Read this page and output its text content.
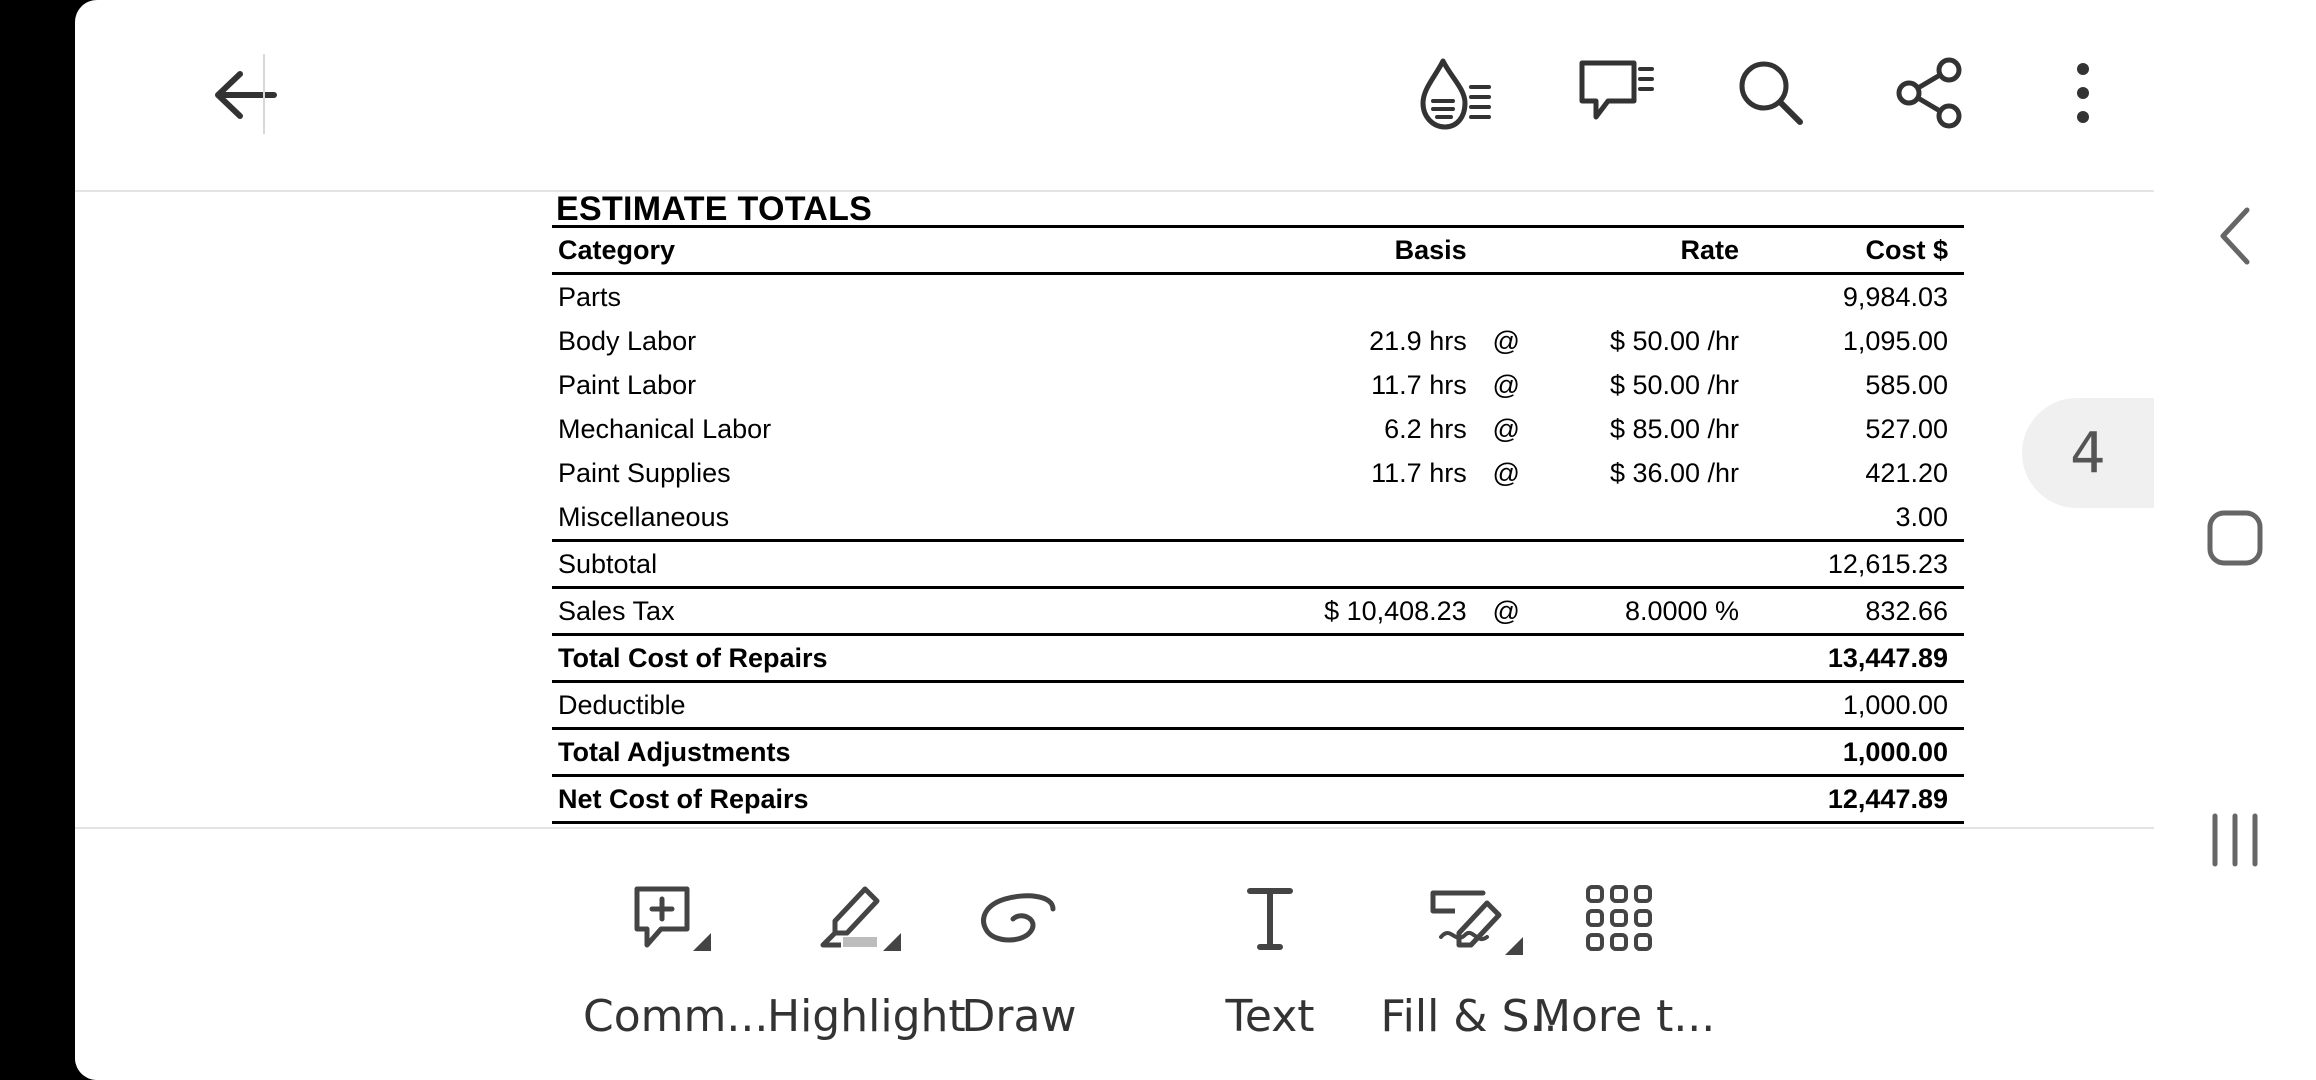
ESTIMATE TOTALS
Category	Basis		Rate	Cost $
Parts				9,984.03
Body Labor	21.9 hrs	@	$ 50.00 /hr	1,095.00
Paint Labor	11.7 hrs	@	$ 50.00 /hr	585.00
Mechanical Labor	6.2 hrs	@	$ 85.00 /hr	527.00
Paint Supplies	11.7 hrs	@	$ 36.00 /hr	421.20
Miscellaneous				3.00
Subtotal				12,615.23
Sales Tax	$ 10,408.23	@	8.0000 %	832.66
Total Cost of Repairs				13,447.89
Deductible				1,000.00
Total Adjustments				1,000.00
Net Cost of Repairs				12,447.89
Comm...
Highlight
Draw	Text	Fill & S...
More t...
4
